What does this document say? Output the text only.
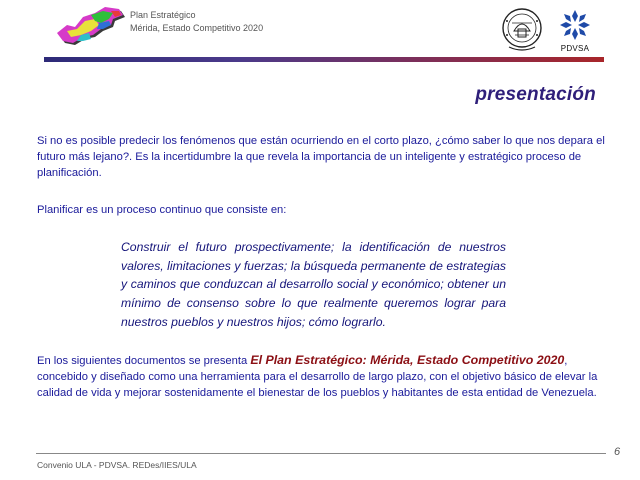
Plan Estratégico
Mérida, Estado Competitivo 2020
PDVSA
presentación

Si no es posible predecir los fenómenos que están ocurriendo en el corto plazo, ¿cómo saber lo que nos depara el futuro más lejano?. Es la incertidumbre la que revela la importancia de un inteligente y estratégico proceso de planificación.

Planificar es un proceso continuo que consiste en:

Construir el futuro prospectivamente; la identificación de nuestros valores, limitaciones y fuerzas; la búsqueda permanente de estrategias y caminos que conduzcan al desarrollo social y económico; obtener un mínimo de consenso sobre lo que realmente queremos lograr para nuestros pueblos y nuestros hijos; cómo lograrlo.

En los siguientes documentos se presenta El Plan Estratégico: Mérida, Estado Competitivo 2020, concebido y diseñado como una herramienta para el desarrollo de largo plazo, con el objetivo básico de elevar la calidad de vida y mejorar sostenidamente el bienestar de los pueblos y habitantes de esta entidad de Venezuela.

Convenio ULA - PDVSA. REDes/IIES/ULA
6
